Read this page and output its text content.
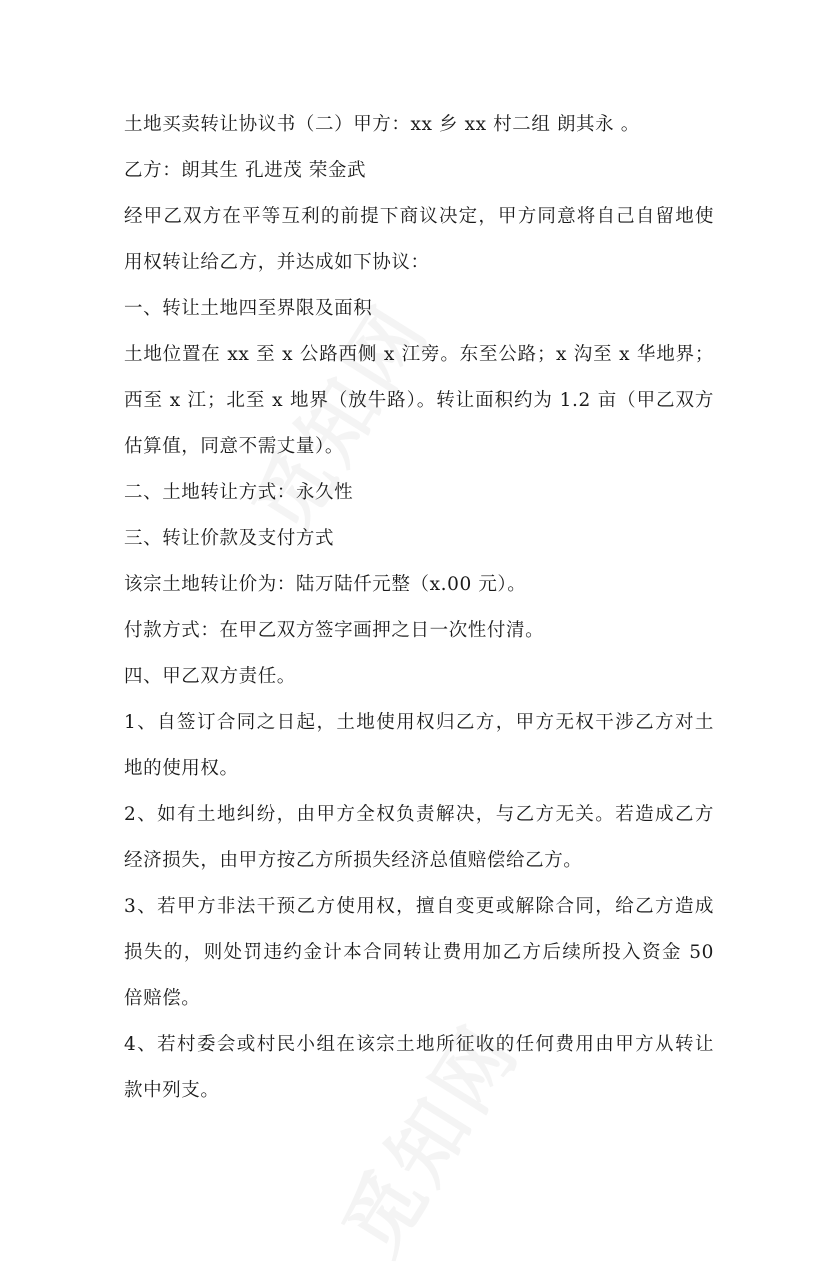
土地买卖转让协议书（二）甲方：xx 乡 xx 村二组 朗其永 。
乙方：朗其生 孔进茂 荣金武
经甲乙双方在平等互利的前提下商议决定，甲方同意将自己自留地使
用权转让给乙方，并达成如下协议：
一、转让土地四至界限及面积
土地位置在 xx 至 x 公路西侧 x 江旁。东至公路；x 沟至 x 华地界；
西至 x 江；北至 x 地界（放牛路）。转让面积约为 1.2 亩（甲乙双方
估算值，同意不需丈量）。
二、土地转让方式：永久性
三、转让价款及支付方式
该宗土地转让价为：陆万陆仟元整（x.00 元）。
付款方式：在甲乙双方签字画押之日一次性付清。
四、甲乙双方责任。
1、自签订合同之日起，土地使用权归乙方，甲方无权干涉乙方对土
地的使用权。
2、如有土地纠纷，由甲方全权负责解决，与乙方无关。若造成乙方
经济损失，由甲方按乙方所损失经济总值赔偿给乙方。
3、若甲方非法干预乙方使用权，擅自变更或解除合同，给乙方造成
损失的，则处罚违约金计本合同转让费用加乙方后续所投入资金 50
倍赔偿。
4、若村委会或村民小组在该宗土地所征收的任何费用由甲方从转让
款中列支。
